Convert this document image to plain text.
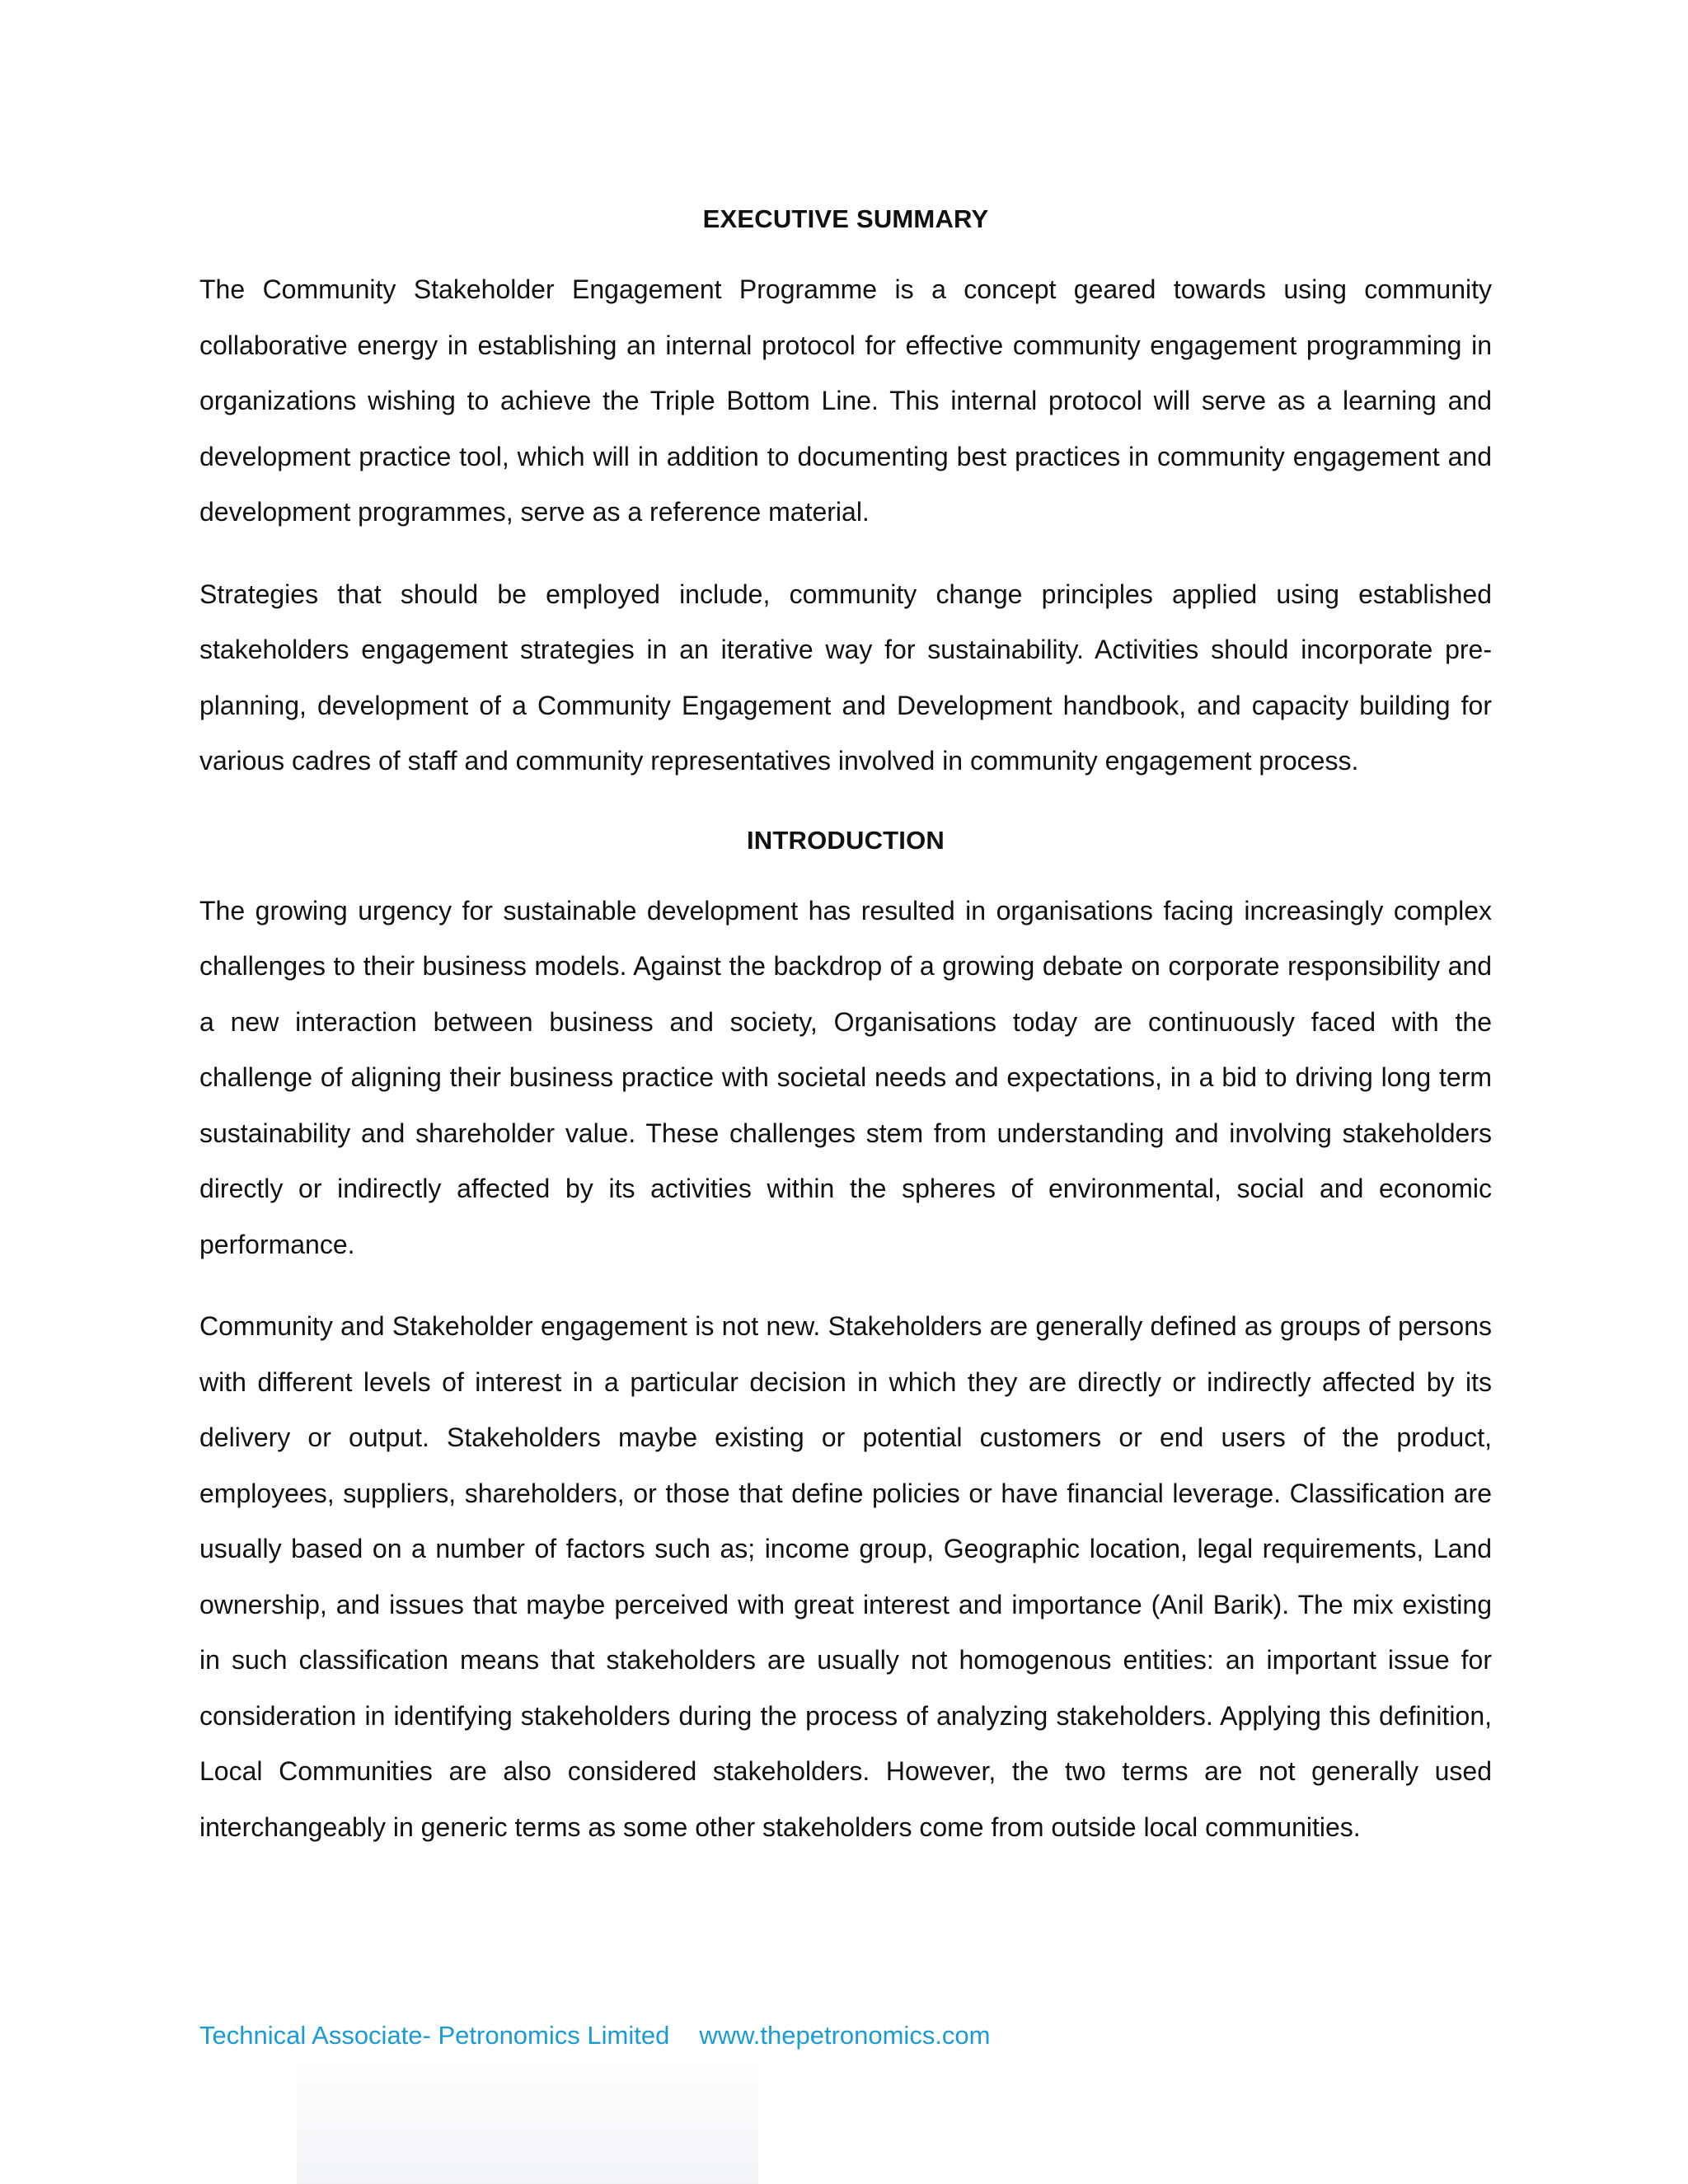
EXECUTIVE SUMMARY

The Community Stakeholder Engagement Programme is a concept geared towards using community collaborative energy in establishing an internal protocol for effective community engagement programming in organizations wishing to achieve the Triple Bottom Line. This internal protocol will serve as a learning and development practice tool, which will in addition to documenting best practices in community engagement and development programmes, serve as a reference material.

Strategies that should be employed include, community change principles applied using established stakeholders engagement strategies in an iterative way for sustainability. Activities should incorporate pre-planning, development of a Community Engagement and Development handbook, and capacity building for various cadres of staff and community representatives involved in community engagement process.

INTRODUCTION

The growing urgency for sustainable development has resulted in organisations facing increasingly complex challenges to their business models. Against the backdrop of a growing debate on corporate responsibility and a new interaction between business and society, Organisations today are continuously faced with the challenge of aligning their business practice with societal needs and expectations, in a bid to driving long term sustainability and shareholder value. These challenges stem from understanding and involving stakeholders directly or indirectly affected by its activities within the spheres of environmental, social and economic performance.

Community and Stakeholder engagement is not new. Stakeholders are generally defined as groups of persons with different levels of interest in a particular decision in which they are directly or indirectly affected by its delivery or output. Stakeholders maybe existing or potential customers or end users of the product, employees, suppliers, shareholders, or those that define policies or have financial leverage. Classification are usually based on a number of factors such as; income group, Geographic location, legal requirements, Land ownership, and issues that maybe perceived with great interest and importance (Anil Barik). The mix existing in such classification means that stakeholders are usually not homogenous entities: an important issue for consideration in identifying stakeholders during the process of analyzing stakeholders. Applying this definition, Local Communities are also considered stakeholders. However, the two terms are not generally used interchangeably in generic terms as some other stakeholders come from outside local communities.

Technical Associate- Petronomics Limited www.thepetronomics.com
